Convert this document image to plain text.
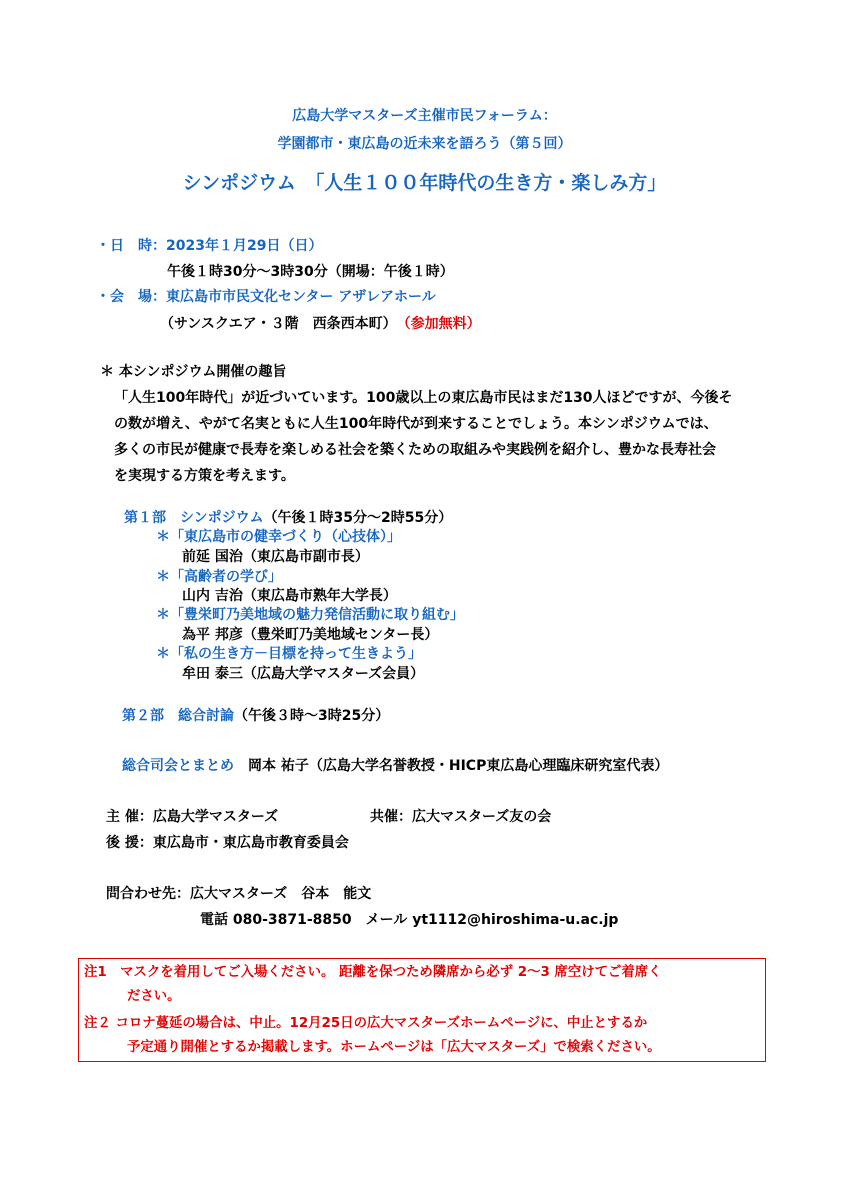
広島大学マスターズ主催市民フォーラム：
学園都市・東広島の近未来を語ろう（第５回）
シンポジウム　「人生１００年時代の生き方・楽しみ方」
・日　時：2023年１月29日（日）
午後１時30分～3時30分（開場：午後１時）
・会　場：東広島市市民文化センター アザレアホール
（サンスクエア・３階　西条西本町）　 （参加無料）
＊ 本シンポジウム開催の趣旨
「人生100年時代」が近づいています。100歳以上の東広島市民はまだ130人ほどですが、今後そ
の数が増え、やがて名実ともに人生100年時代が到来することでしょう。本シンポジウムでは、
多くの市民が健康で長寿を楽しめる社会を築くための取組みや実践例を紹介し、豊かな長寿社会
を実現する方策を考えます。
第１部　シンポジウム（午後１時35分～2時55分）
＊「東広島市の健幸づくり（心技体）」
前延 国治（東広島市副市長）
＊「高齢者の学び」
山内 吉治（東広島市熟年大学長）
＊「豊栄町乃美地域の魅力発信活動に取り組む」
為平 邦彦（豊栄町乃美地域センター長）
＊「私の生き方－目標を持って生きよう」
牟田 泰三（広島大学マスターズ会員）
第２部　総合討論（午後３時～3時25分）
総合司会とまとめ　 岡本 祐子（広島大学名誉教授・HICP東広島心理臨床研究室代表）
主 催：広島大学マスターズ	共催：広大マスターズ友の会
後 援：東広島市・東広島市教育委員会
問合わせ先：広大マスターズ　谷本　能文
電話 080-3871-8850　メール yt1112@hiroshima-u.ac.jp
注1　マスクを着用してご入場ください。 距離を保つため隣席から必ず 2～3 席空けてご着席く
ださい。
注２ コロナ蔓延の場合は、中止。12月25日の広大マスターズホームページに、中止とするか
予定通り開催とするか掲載します。ホームページは「広大マスターズ」で検索ください。
